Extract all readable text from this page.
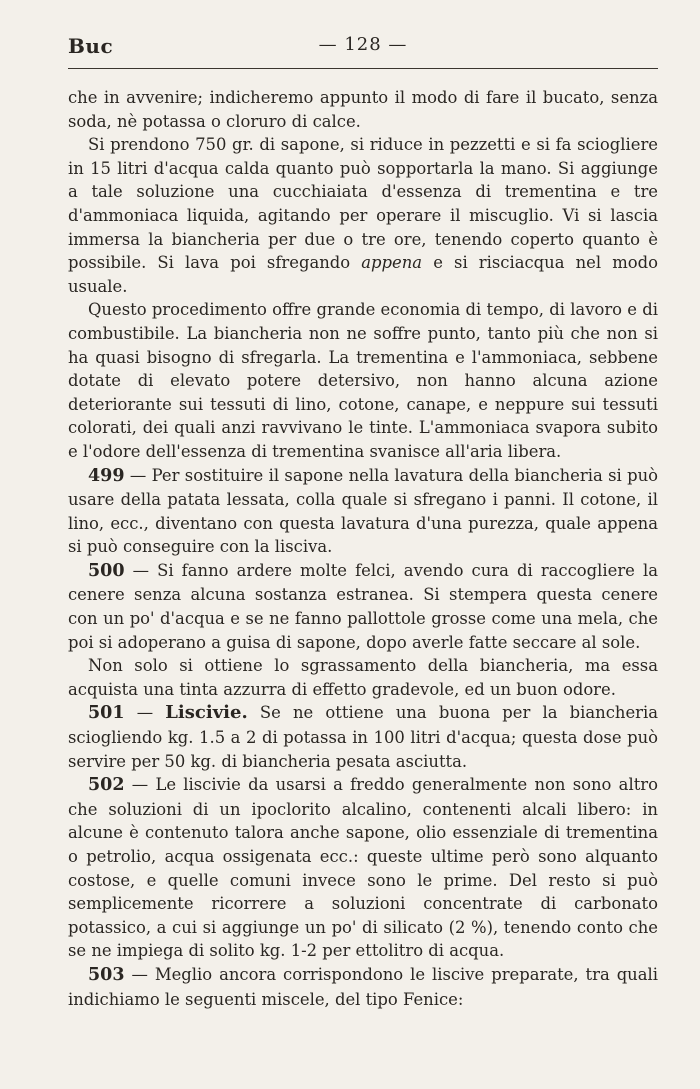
Buc	— 128 —

che in avvenire; indicheremo appunto il modo di fare il bucato, senza soda, nè potassa o cloruro di calce.

Si prendono 750 gr. di sapone, si riduce in pezzetti e si fa sciogliere in 15 litri d'acqua calda quanto può sopportarla la mano. Si aggiunge a tale soluzione una cucchiaiata d'essenza di trementina e tre d'ammoniaca liquida, agitando per operare il miscuglio. Vi si lascia immersa la biancheria per due o tre ore, tenendo coperto quanto è possibile. Si lava poi sfregando appena e si risciacqua nel modo usuale.

Questo procedimento offre grande economia di tempo, di lavoro e di combustibile. La biancheria non ne soffre punto, tanto più che non si ha quasi bisogno di sfregarla. La trementina e l'ammoniaca, sebbene dotate di elevato potere detersivo, non hanno alcuna azione deteriorante sui tessuti di lino, cotone, canape, e neppure sui tessuti colorati, dei quali anzi ravvivano le tinte. L'ammoniaca svapora subito e l'odore dell'essenza di trementina svanisce all'aria libera.

499 — Per sostituire il sapone nella lavatura della biancheria si può usare della patata lessata, colla quale si sfregano i panni. Il cotone, il lino, ecc., diventano con questa lavatura d'una purezza, quale appena si può conseguire con la lisciva.

500 — Si fanno ardere molte felci, avendo cura di raccogliere la cenere senza alcuna sostanza estranea. Si stempera questa cenere con un po' d'acqua e se ne fanno pallottole grosse come una mela, che poi si adoperano a guisa di sapone, dopo averle fatte seccare al sole.

Non solo si ottiene lo sgrassamento della biancheria, ma essa acquista una tinta azzurra di effetto gradevole, ed un buon odore.

501 — Liscivie. Se ne ottiene una buona per la biancheria sciogliendo kg. 1.5 a 2 di potassa in 100 litri d'acqua; questa dose può servire per 50 kg. di biancheria pesata asciutta.

502 — Le liscivie da usarsi a freddo generalmente non sono altro che soluzioni di un ipoclorito alcalino, contenenti alcali libero: in alcune è contenuto talora anche sapone, olio essenziale di trementina o petrolio, acqua ossigenata ecc.: queste ultime però sono alquanto costose, e quelle comuni invece sono le prime. Del resto si può semplicemente ricorrere a soluzioni concentrate di carbonato potassico, a cui si aggiunge un po' di silicato (2 %), tenendo conto che se ne impiega di solito kg. 1-2 per ettolitro di acqua.

503 — Meglio ancora corrispondono le liscive preparate, tra quali indichiamo le seguenti miscele, del tipo Fenice:
